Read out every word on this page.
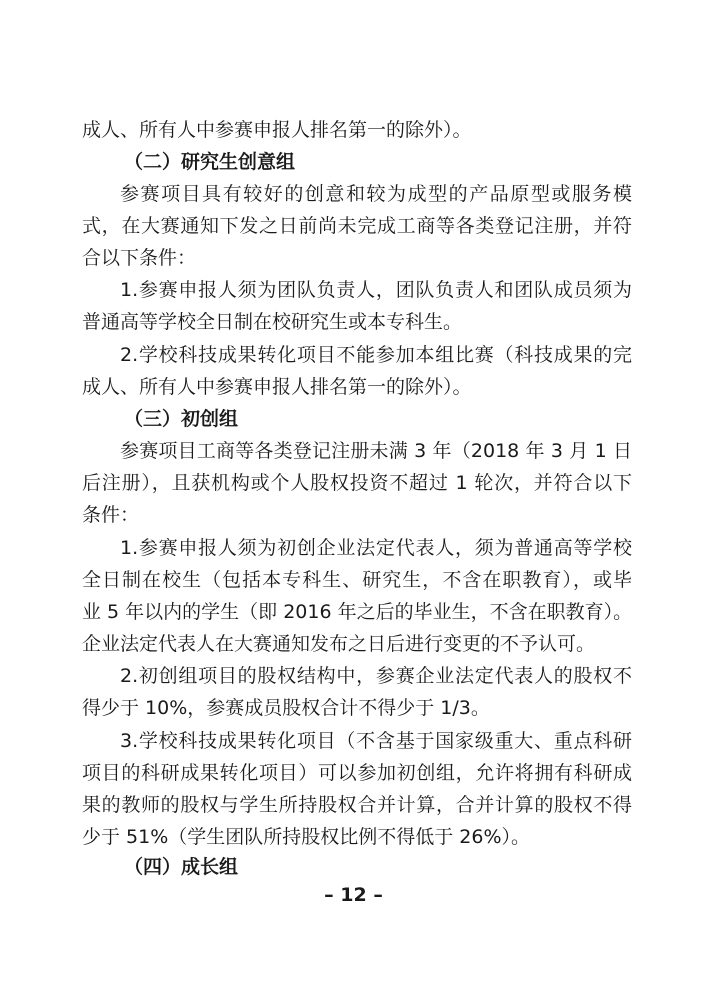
成人、所有人中参赛申报人排名第一的除外）。
（二）研究生创意组
参赛项目具有较好的创意和较为成型的产品原型或服务模
式，在大赛通知下发之日前尚未完成工商等各类登记注册，并符
合以下条件：
1.参赛申报人须为团队负责人，团队负责人和团队成员须为
普通高等学校全日制在校研究生或本专科生。
2.学校科技成果转化项目不能参加本组比赛（科技成果的完
成人、所有人中参赛申报人排名第一的除外）。
（三）初创组
参赛项目工商等各类登记注册未满 3 年（2018 年 3 月 1 日
后注册），且获机构或个人股权投资不超过 1 轮次，并符合以下
条件：
1.参赛申报人须为初创企业法定代表人，须为普通高等学校
全日制在校生（包括本专科生、研究生，不含在职教育），或毕
业 5 年以内的学生（即 2016 年之后的毕业生，不含在职教育）。
企业法定代表人在大赛通知发布之日后进行变更的不予认可。
2.初创组项目的股权结构中，参赛企业法定代表人的股权不
得少于 10%，参赛成员股权合计不得少于 1/3。
3.学校科技成果转化项目（不含基于国家级重大、重点科研
项目的科研成果转化项目）可以参加初创组，允许将拥有科研成
果的教师的股权与学生所持股权合并计算，合并计算的股权不得
少于 51%（学生团队所持股权比例不得低于 26%）。
（四）成长组
– 12 –
